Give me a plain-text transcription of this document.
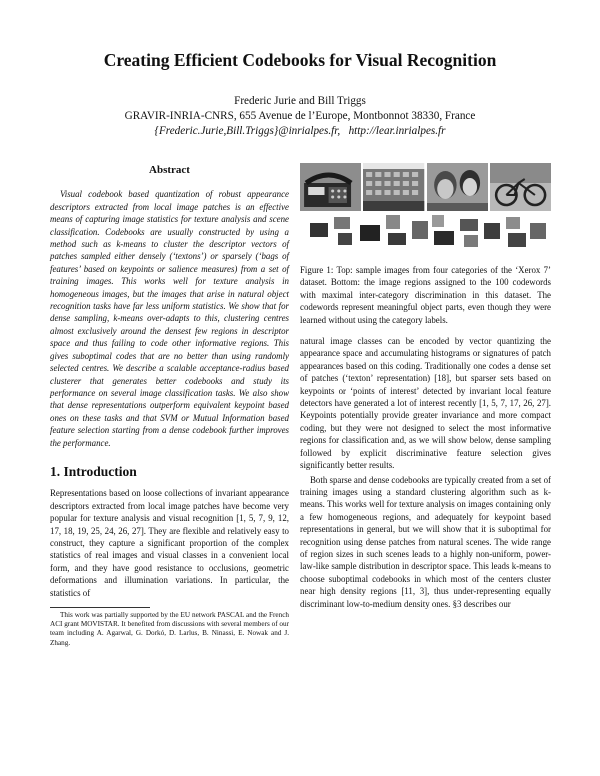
Creating Efficient Codebooks for Visual Recognition
Frederic Jurie and Bill Triggs
GRAVIR-INRIA-CNRS, 655 Avenue de l’Europe, Montbonnot 38330, France
{Frederic.Jurie,Bill.Triggs}@inrialpes.fr, http://lear.inrialpes.fr
Abstract

Visual codebook based quantization of robust appearance descriptors extracted from local image patches is an effective means of capturing image statistics for texture analysis and scene classification. Codebooks are usually constructed by using a method such as k-means to cluster the descriptor vectors of patches sampled either densely (‘textons’) or sparsely (‘bags of features’ based on keypoints or salience measures) from a set of training images. This works well for texture analysis in homogeneous images, but the images that arise in natural object recognition tasks have far less uniform statistics. We show that for dense sampling, k-means over-adapts to this, clustering centres almost exclusively around the densest few regions in descriptor space and thus failing to code other informative regions. This gives suboptimal codes that are no better than using randomly selected centres. We describe a scalable acceptance-radius based clusterer that generates better codebooks and study its performance on several image classification tasks. We also show that dense representations outperform equivalent keypoint based ones on these tasks and that SVM or Mutual Information based feature selection starting from a dense codebook further improves the performance.

1. Introduction

Representations based on loose collections of invariant appearance descriptors extracted from local image patches have become very popular for texture analysis and visual recognition [1, 5, 7, 9, 12, 17, 18, 19, 25, 24, 26, 27]. They are flexible and relatively easy to construct, they capture a significant proportion of the complex statistics of real images and visual classes in a convenient local form, and they have good resistance to occlusions, geometric deformations and illumination variations. In particular, the statistics of

This work was partially supported by the EU network PASCAL and the French ACI grant MOVISTAR. It benefited from discussions with several members of our team including A. Agarwal, G. Dorkó, D. Larlus, B. Ninassi, E. Nowak and J. Zhang.

Figure 1: Top: sample images from four categories of the ‘Xerox 7’ dataset. Bottom: the image regions assigned to the 100 codewords with maximal inter-category discrimination in this dataset. The codewords represent meaningful object parts, even though they were learned without using the category labels.

natural image classes can be encoded by vector quantizing the appearance space and accumulating histograms or signatures of patch appearances based on this coding. Traditionally one codes a dense set of patches (‘texton’ representation) [18], but sparser sets based on keypoints or ‘points of interest’ detected by invariant local feature detectors have generated a lot of interest recently [1, 5, 7, 17, 26, 27]. Keypoints potentially provide greater invariance and more compact coding, but they were not designed to select the most informative regions for classification and, as we will show below, dense sampling followed by explicit discriminative feature selection gives significantly better results.

Both sparse and dense codebooks are typically created from a set of training images using a standard clustering algorithm such as k-means. This works well for texture analysis on images containing only a few homogeneous regions, and adequately for keypoint based representations in general, but we will show that it is suboptimal for recognition using dense patches from natural scenes. The wide range of region sizes in such scenes leads to a highly non-uniform, power-law-like sample distribution in descriptor space. This leads k-means to choose suboptimal codebooks in which most of the centers cluster near high density regions [11, 3], thus under-representing equally discriminant low-to-medium density ones. §3 describes our
